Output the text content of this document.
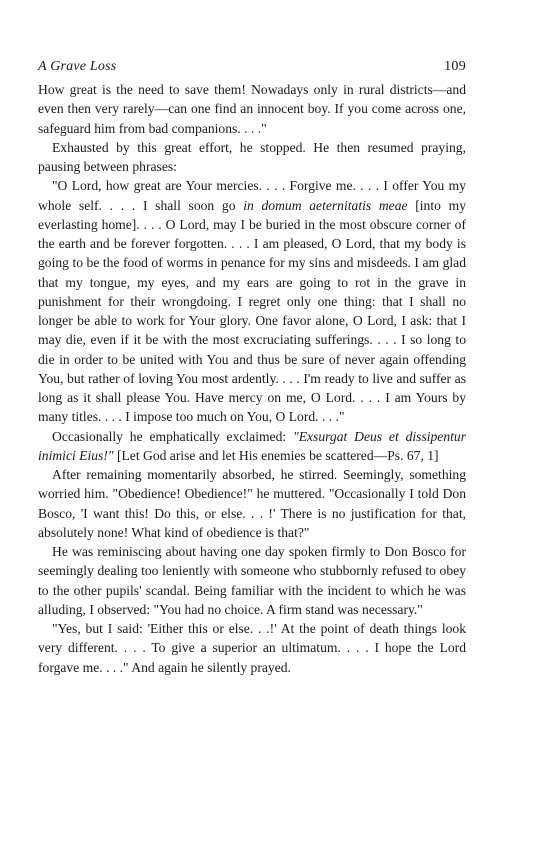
A Grave Loss	109

How great is the need to save them! Nowadays only in rural districts—and even then very rarely—can one find an innocent boy. If you come across one, safeguard him from bad companions. . . ."

Exhausted by this great effort, he stopped. He then resumed praying, pausing between phrases:

"O Lord, how great are Your mercies. . . . Forgive me. . . . I offer You my whole self. . . . I shall soon go in domum aeternitatis meae [into my everlasting home]. . . . O Lord, may I be buried in the most obscure corner of the earth and be forever forgotten. . . . I am pleased, O Lord, that my body is going to be the food of worms in penance for my sins and misdeeds. I am glad that my tongue, my eyes, and my ears are going to rot in the grave in punishment for their wrongdoing. I regret only one thing: that I shall no longer be able to work for Your glory. One favor alone, O Lord, I ask: that I may die, even if it be with the most excruciating sufferings. . . . I so long to die in order to be united with You and thus be sure of never again offending You, but rather of loving You most ardently. . . . I'm ready to live and suffer as long as it shall please You. Have mercy on me, O Lord. . . . I am Yours by many titles. . . . I impose too much on You, O Lord. . . ."

Occasionally he emphatically exclaimed: "Exsurgat Deus et dissipentur inimici Eius!" [Let God arise and let His enemies be scattered—Ps. 67, 1]

After remaining momentarily absorbed, he stirred. Seemingly, something worried him. "Obedience! Obedience!" he muttered. "Occasionally I told Don Bosco, 'I want this! Do this, or else. . . !' There is no justification for that, absolutely none! What kind of obedience is that?"

He was reminiscing about having one day spoken firmly to Don Bosco for seemingly dealing too leniently with someone who stubbornly refused to obey to the other pupils' scandal. Being familiar with the incident to which he was alluding, I observed: "You had no choice. A firm stand was necessary."

"Yes, but I said: 'Either this or else. . .!' At the point of death things look very different. . . . To give a superior an ultimatum. . . . I hope the Lord forgave me. . . ." And again he silently prayed.
